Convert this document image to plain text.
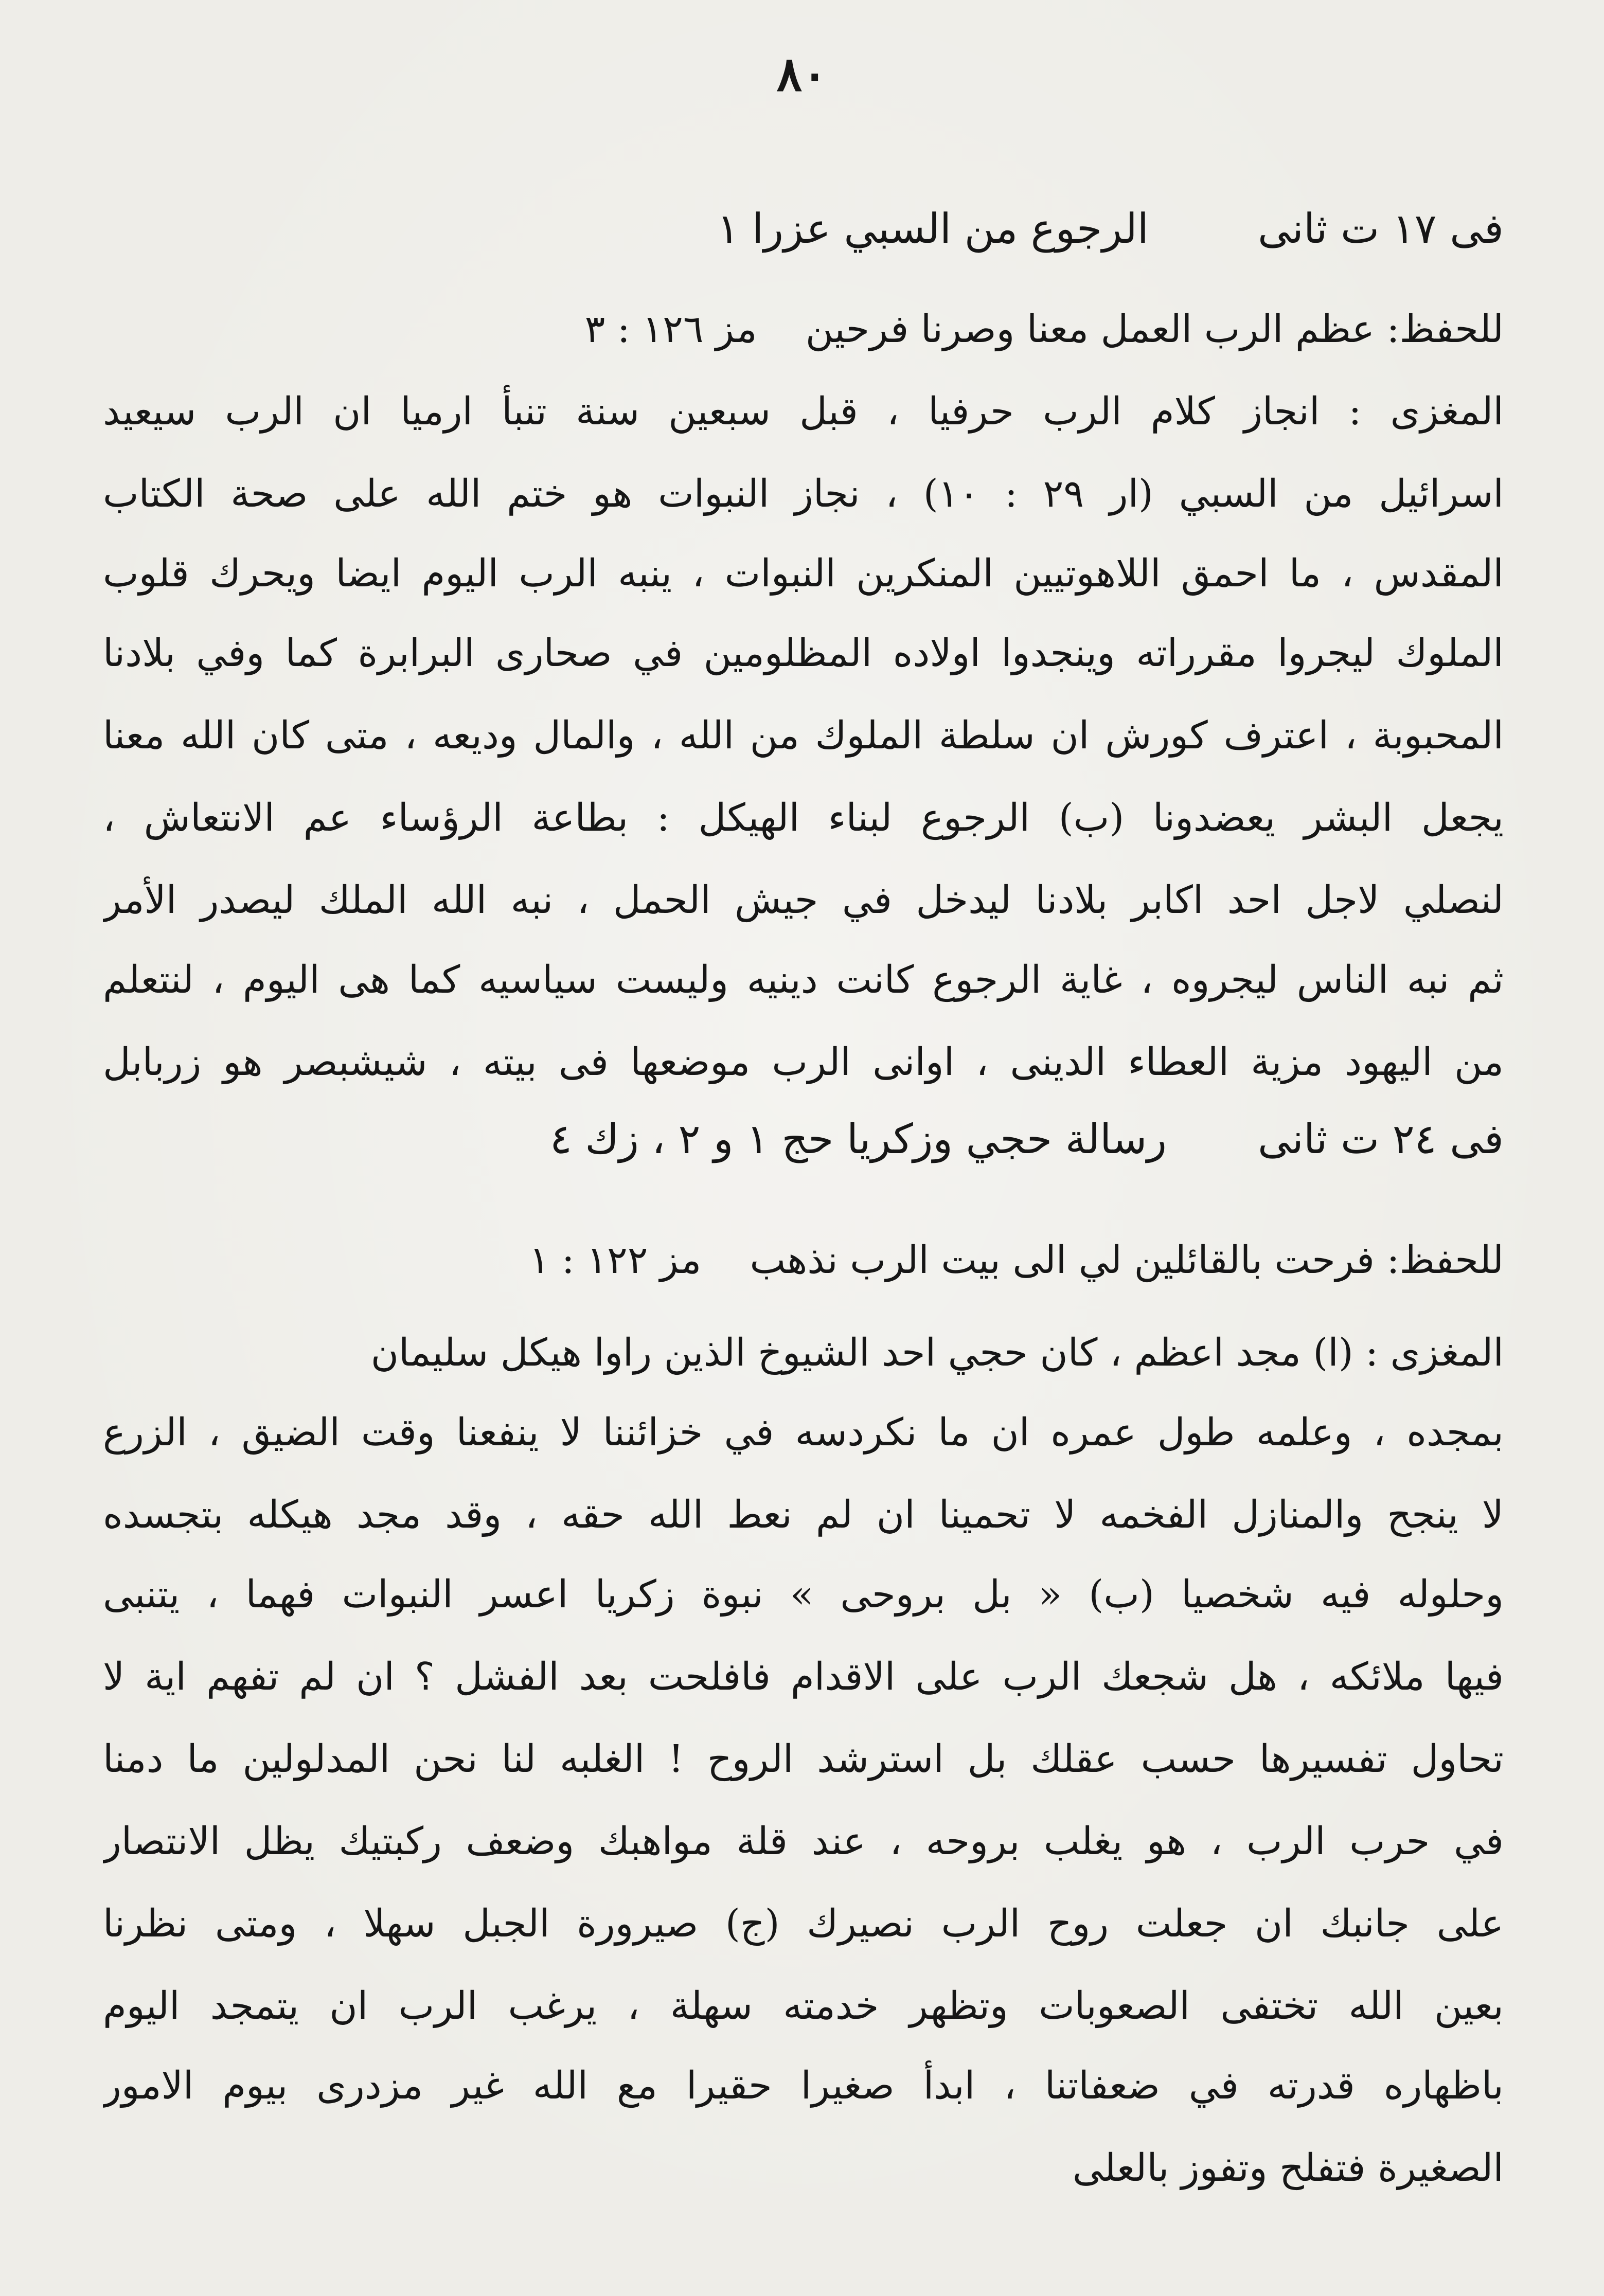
٨٠
فى ١٧ ت ثانى
الرجوع من السبي عزرا ١
للحفظ: عظم الرب العمل معنا وصرنا فرحين    مز ١٢٦ : ٣
المغزى : انجاز كلام الرب حرفيا ، قبل سبعين سنة تنبأ ارميا ان الرب سيعيد
اسرائيل من السبي (ار ٢٩ : ١٠) ، نجاز النبوات هو ختم الله على صحة الكتاب
المقدس ، ما احمق اللاهوتيين المنكرين النبوات ، ينبه الرب اليوم ايضا ويحرك قلوب
الملوك ليجروا مقرراته وينجدوا اولاده المظلومين في صحارى البرابرة كما وفي بلادنا
المحبوبة ، اعترف كورش ان سلطة الملوك من الله ، والمال وديعه ، متى كان الله معنا
يجعل البشر يعضدونا (ب) الرجوع لبناء الهيكل : بطاعة الرؤساء عم الانتعاش ،
لنصلي لاجل احد اكابر بلادنا ليدخل في جيش الحمل ، نبه الله الملك ليصدر الأمر
ثم نبه الناس ليجروه ، غاية الرجوع كانت دينيه وليست سياسيه كما هى اليوم ، لنتعلم
من اليهود مزية العطاء الدينى ، اوانى الرب موضعها فى بيته ، شيشبصر هو زربابل
فى ٢٤ ت ثانى
رسالة حجي وزكريا حج ١ و ٢ ، زك ٤
للحفظ: فرحت بالقائلين لي الى بيت الرب نذهب    مز ١٢٢ : ١
المغزى : (ا) مجد اعظم ، كان حجي احد الشيوخ الذين راوا هيكل سليمان
بمجده ، وعلمه طول عمره ان ما نكردسه في خزائننا لا ينفعنا وقت الضيق ، الزرع
لا ينجح والمنازل الفخمه لا تحمينا ان لم نعط الله حقه ، وقد مجد هيكله بتجسده
وحلوله فيه شخصيا (ب) « بل بروحى » نبوة زكريا اعسر النبوات فهما ، يتنبى
فيها ملائكه ، هل شجعك الرب على الاقدام فافلحت بعد الفشل ؟ ان لم تفهم اية لا
تحاول تفسيرها حسب عقلك بل استرشد الروح ! الغلبه لنا نحن المدلولين ما دمنا
في حرب الرب ، هو يغلب بروحه ، عند قلة مواهبك وضعف ركبتيك يظل الانتصار
على جانبك ان جعلت روح الرب نصيرك (ج) صيرورة الجبل سهلا ، ومتى نظرنا
بعين الله تختفى الصعوبات وتظهر خدمته سهلة ، يرغب الرب ان يتمجد اليوم
باظهاره قدرته في ضعفاتنا ، ابدأ صغيرا حقيرا مع الله غير مزدرى بيوم الامور
الصغيرة فتفلح وتفوز بالعلى
